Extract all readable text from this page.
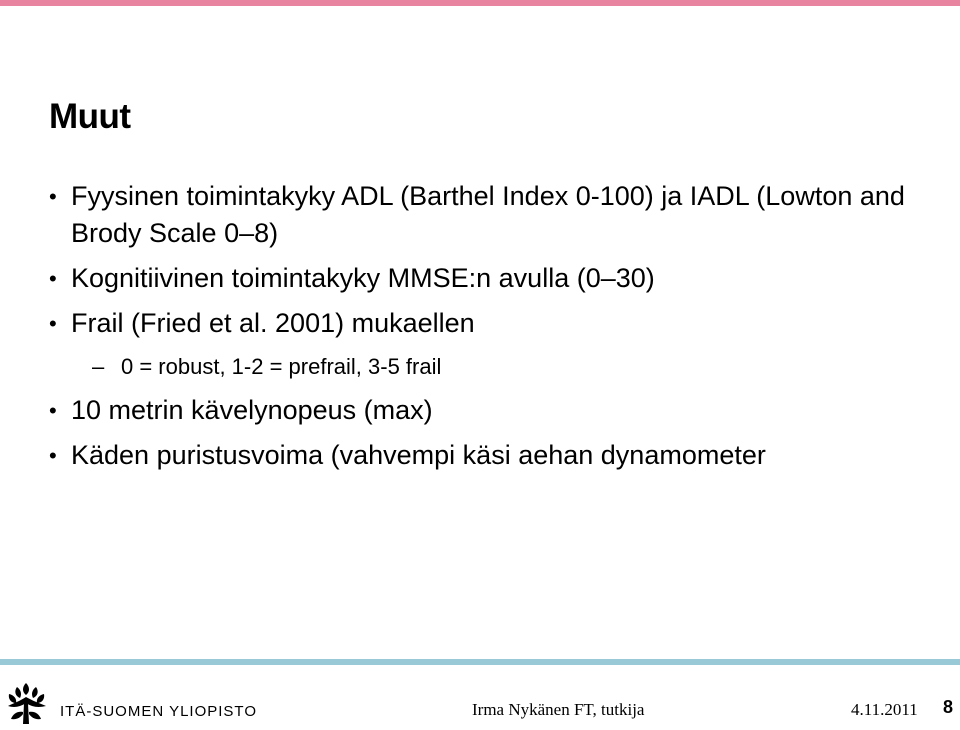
Muut
• Fyysinen toimintakyky ADL (Barthel Index 0-100) ja IADL (Lowton and Brody Scale 0–8)
• Kognitiivinen toimintakyky MMSE:n avulla (0–30)
• Frail (Fried et al. 2001) mukaellen
– 0 = robust, 1-2 = prefrail, 3-5 frail
• 10 metrin kävelynopeus (max)
• Käden puristusvoima (vahvempi käsi aehan dynamometer
ITÄ-SUOMEN YLIOPISTO	Irma Nykänen FT, tutkija	4.11.2011 8
